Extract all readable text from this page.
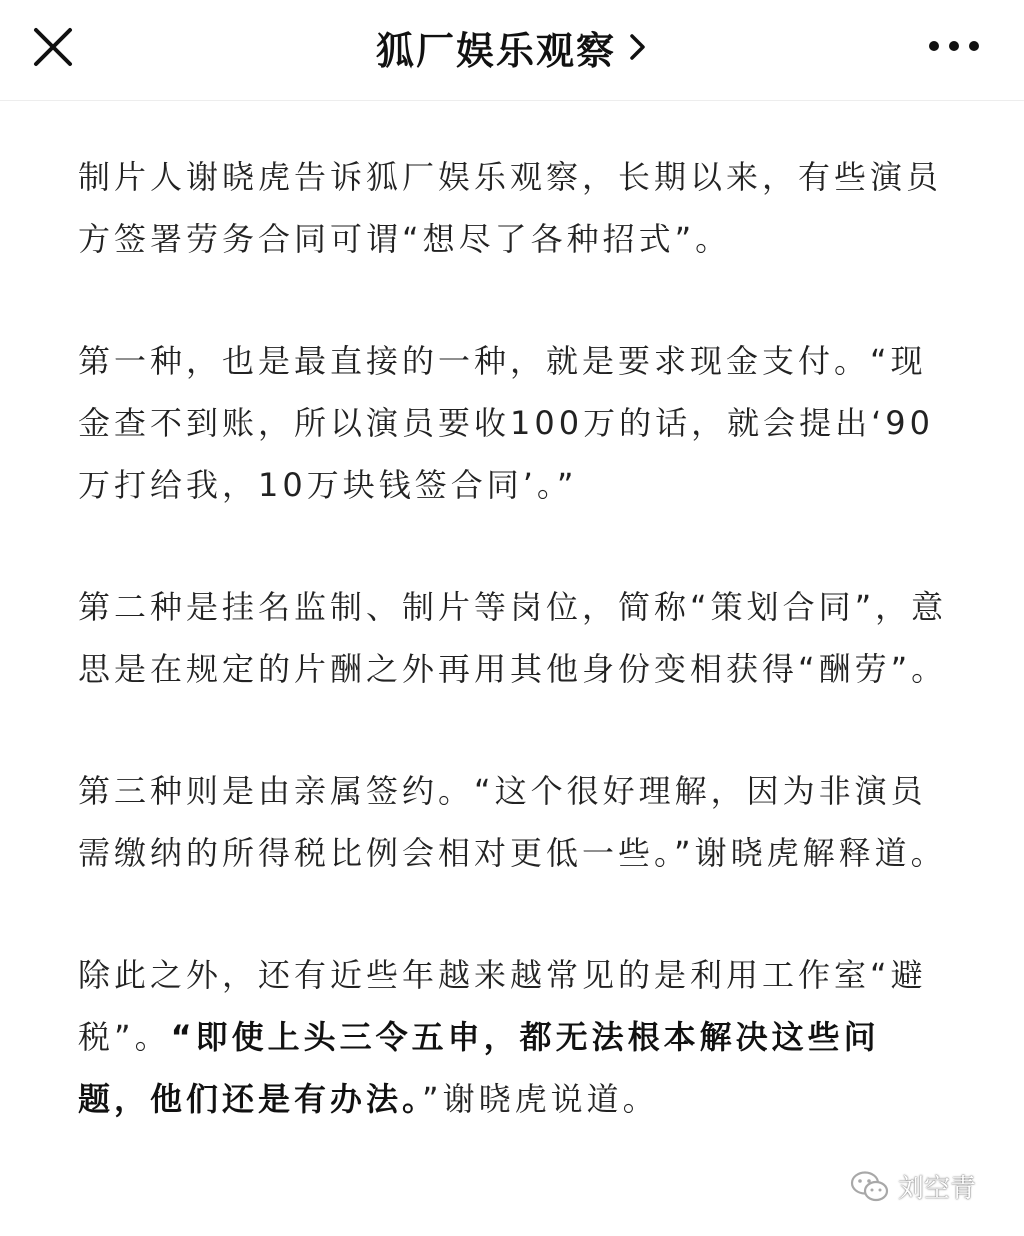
狐厂娱乐观察

制片人谢晓虎告诉狐厂娱乐观察，长期以来，有些演员方签署劳务合同可谓“想尽了各种招式”。

第一种，也是最直接的一种，就是要求现金支付。“现金查不到账，所以演员要收100万的话，就会提出‘90万打给我，10万块钱签合同’。”

第二种是挂名监制、制片等岗位，简称“策划合同”，意思是在规定的片酬之外再用其他身份变相获得“酬劳”。

第三种则是由亲属签约。“这个很好理解，因为非演员需缴纳的所得税比例会相对更低一些。”谢晓虎解释道。

除此之外，还有近些年越来越常见的是利用工作室“避税”。“即使上头三令五申，都无法根本解决这些问题，他们还是有办法。”谢晓虎说道。

刘空青
